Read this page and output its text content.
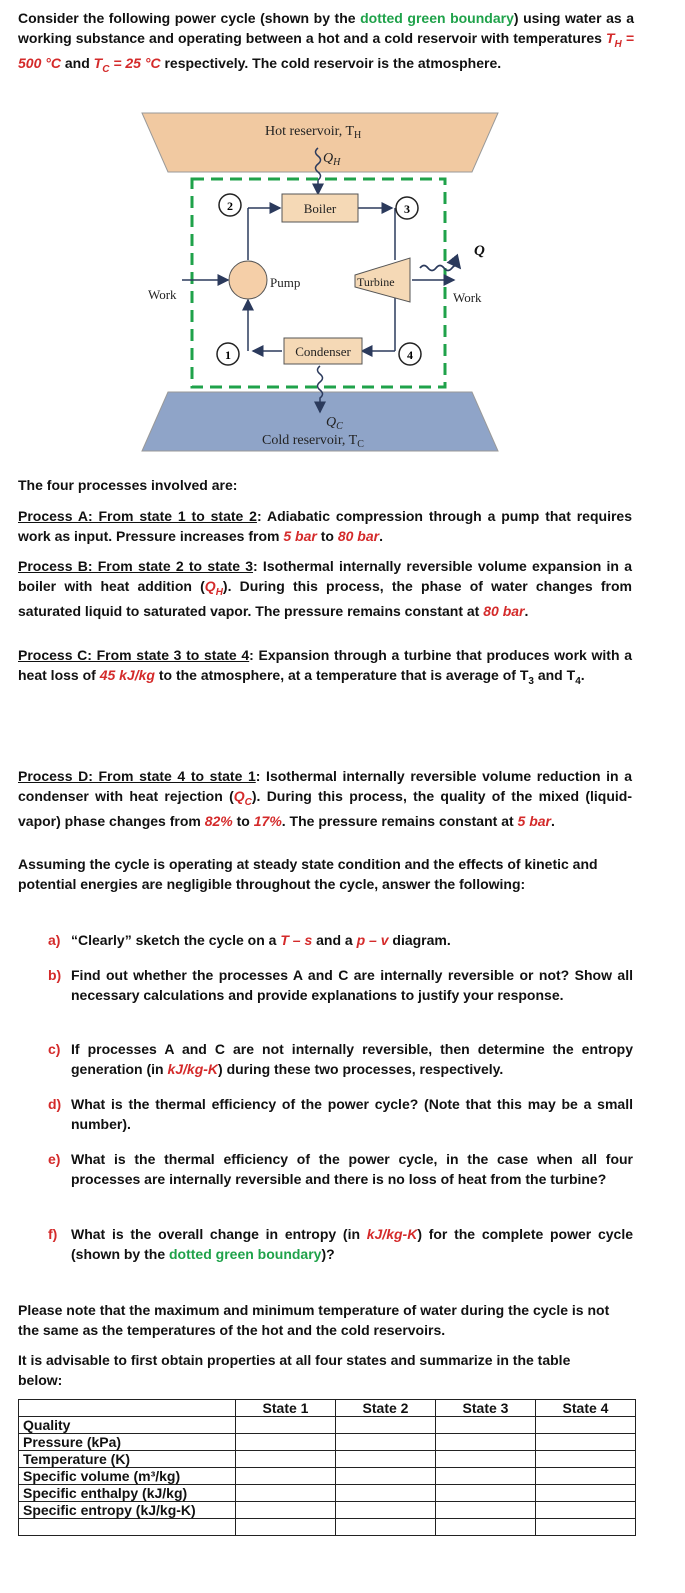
Consider the following power cycle (shown by the dotted green boundary) using water as a working substance and operating between a hot and a cold reservoir with temperatures $T_H = 500$ °C and $T_C = 25$ °C respectively. The cold reservoir is the atmosphere.

Hot reservoir, $T_H$
$Q_H$
Cold reservoir, $T_C$
$Q_C$
Boiler
Pump	Turbine
Condenser
Work	Work
Q
2	3
1	4

The four processes involved are:

Process A: From state 1 to state 2: Adiabatic compression through a pump that requires work as input. Pressure increases from 5 bar to 80 bar.

Process B: From state 2 to state 3: Isothermal internally reversible volume expansion in a boiler with heat addition $(Q_H)$. During this process, the phase of water changes from saturated liquid to saturated vapor. The pressure remains constant at 80 bar.

Process C: From state 3 to state 4: Expansion through a turbine that produces work with a heat loss of 45 kJ/kg to the atmosphere, at a temperature that is average of $T_3$ and $T_4$.

Process D: From state 4 to state 1: Isothermal internally reversible volume reduction in a condenser with heat rejection $(Q_C)$. During this process, the quality of the mixed (liquid-vapor) phase changes from 82% to 17%. The pressure remains constant at 5 bar.

Assuming the cycle is operating at steady state condition and the effects of kinetic and potential energies are negligible throughout the cycle, answer the following:

a) “Clearly” sketch the cycle on a T – s and a p – v diagram.
b) Find out whether the processes A and C are internally reversible or not? Show all necessary calculations and provide explanations to justify your response.
c) If processes A and C are not internally reversible, then determine the entropy generation (in kJ/kg-K) during these two processes, respectively.
d) What is the thermal efficiency of the power cycle? (Note that this may be a small number).
e) What is the thermal efficiency of the power cycle, in the case when all four processes are internally reversible and there is no loss of heat from the turbine?
f) What is the overall change in entropy (in kJ/kg-K) for the complete power cycle (shown by the dotted green boundary)?

Please note that the maximum and minimum temperature of water during the cycle is not the same as the temperatures of the hot and the cold reservoirs.

It is advisable to first obtain properties at all four states and summarize in the table below:

	State 1	State 2	State 3	State 4
Quality				
Pressure (kPa)				
Temperature (K)				
Specific volume (m³/kg)				
Specific enthalpy (kJ/kg)				
Specific entropy (kJ/kg-K)				
